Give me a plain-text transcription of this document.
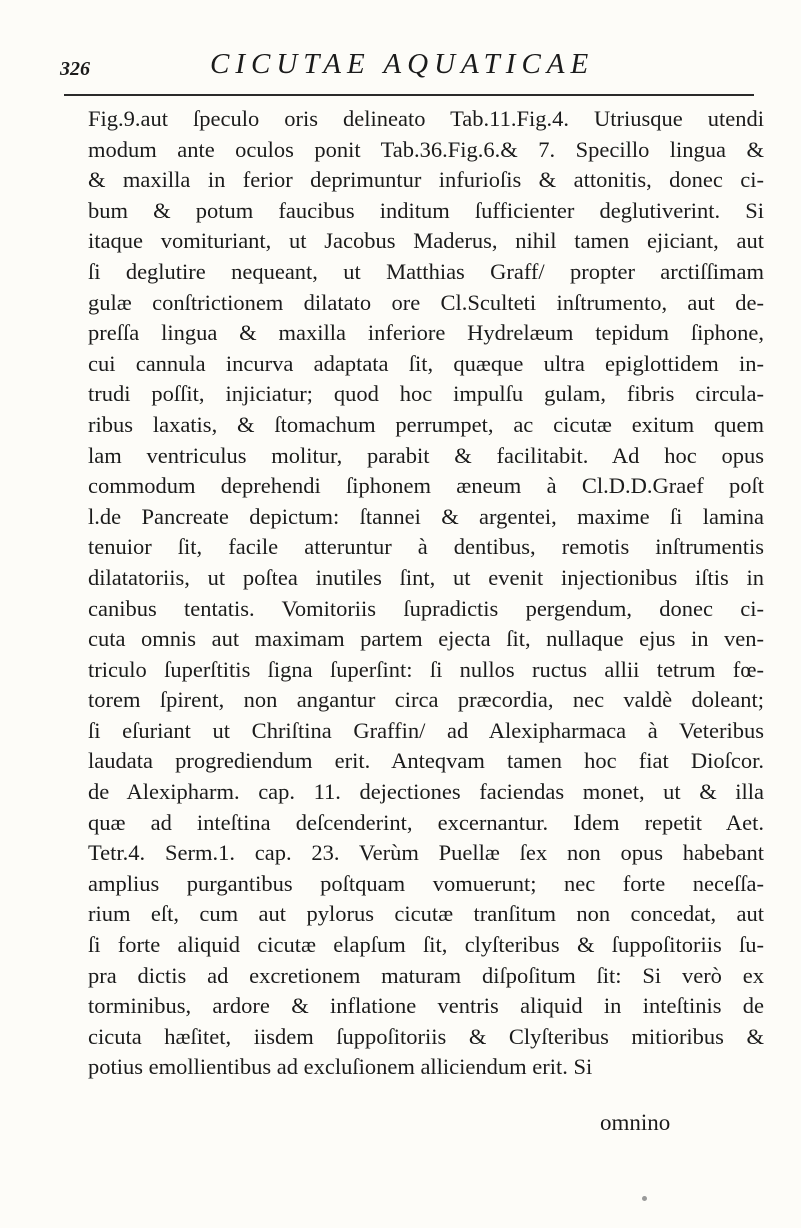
326	CICUTAE AQUATICAE
Fig.9.aut ſpeculo oris delineato Tab.11.Fig.4. Utriusque utendi
modum ante oculos ponit Tab.36.Fig.6.& 7. Specillo lingua &
& maxilla in ferior deprimuntur infurioſis & attonitis, donec ci-
bum & potum faucibus inditum ſufficienter deglutiverint. Si
itaque vomituriant, ut Jacobus Maderus, nihil tamen ejiciant, aut
ſi deglutire nequeant, ut Matthias Graff/ propter arctiſſimam
gulæ conſtrictionem dilatato ore Cl.Sculteti inſtrumento, aut de-
preſſa lingua & maxilla inferiore Hydrelæum tepidum ſiphone,
cui cannula incurva adaptata ſit, quæque ultra epiglottidem in-
trudi poſſit, injiciatur; quod hoc impulſu gulam, fibris circula-
ribus laxatis, & ſtomachum perrumpet, ac cicutæ exitum quem
lam ventriculus molitur, parabit & facilitabit. Ad hoc opus
commodum deprehendi ſiphonem æneum à Cl.D.D.Graef poſt
l.de Pancreate depictum: ſtannei & argentei, maxime ſi lamina
tenuior ſit, facile atteruntur à dentibus, remotis inſtrumentis
dilatatoriis, ut poſtea inutiles ſint, ut evenit injectionibus iſtis in
canibus tentatis. Vomitoriis ſupradictis pergendum, donec ci-
cuta omnis aut maximam partem ejecta ſit, nullaque ejus in ven-
triculo ſuperſtitis ſigna ſuperſint: ſi nullos ructus allii tetrum fœ-
torem ſpirent, non angantur circa præcordia, nec valdè doleant;
ſi eſuriant ut Chriſtina Graffin/ ad Alexipharmaca à Veteribus
laudata progrediendum erit. Anteqvam tamen hoc fiat Dioſcor.
de Alexipharm. cap. 11. dejectiones faciendas monet, ut & illa
quæ ad inteſtina deſcenderint, excernantur. Idem repetit Aet.
Tetr.4. Serm.1. cap. 23. Verùm Puellæ ſex non opus habebant
amplius purgantibus poſtquam vomuerunt; nec forte neceſſa-
rium eſt, cum aut pylorus cicutæ tranſitum non concedat, aut
ſi forte aliquid cicutæ elapſum ſit, clyſteribus & ſuppoſitoriis ſu-
pra dictis ad excretionem maturam diſpoſitum ſit: Si verò ex
torminibus, ardore & inflatione ventris aliquid in inteſtinis de
cicuta hæſitet, iisdem ſuppoſitoriis & Clyſteribus mitioribus &
potius emollientibus ad excluſionem alliciendum erit. Si
omnino
